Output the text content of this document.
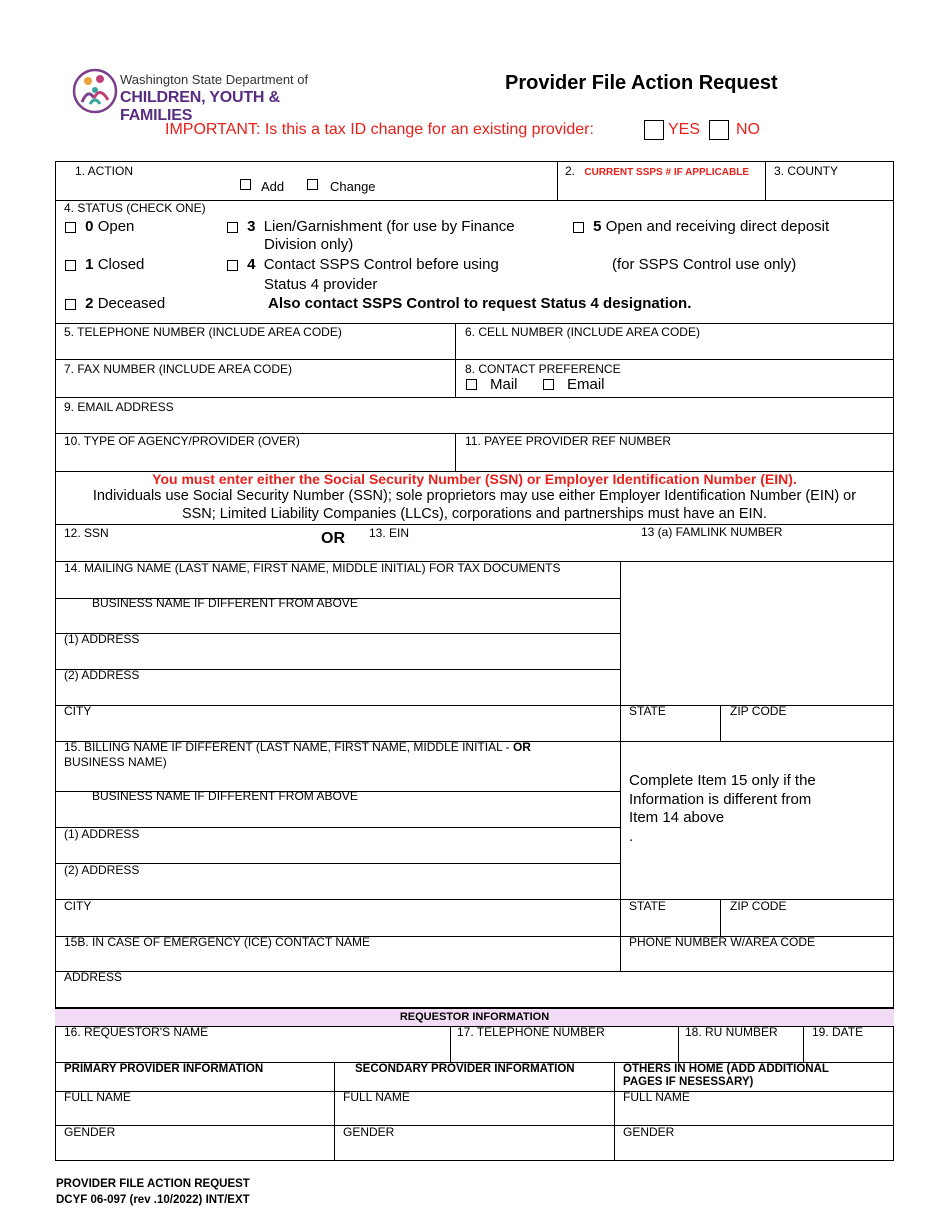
Washington State Department of
CHILDREN, YOUTH & FAMILIES
Provider File Action Request
IMPORTANT: Is this a tax ID change for an existing provider:	YES NO
1. ACTION
Add	Change
2. CURRENT SSPS # IF APPLICABLE 3. COUNTY
4. STATUS (CHECK ONE)
0 Open
1 Closed
2 Deceased
3 Lien/Garnishment (for use by Finance
Division only)
4 Contact SSPS Control before using
Status 4 provider
5 Open and receiving direct deposit
(for SSPS Control use only)
Also contact SSPS Control to request Status 4 designation.
5. TELEPHONE NUMBER (INCLUDE AREA CODE)	6. CELL NUMBER (INCLUDE AREA CODE)
7. FAX NUMBER (INCLUDE AREA CODE)	8. CONTACT PREFERENCE
Mail	Email
9. EMAIL ADDRESS
10. TYPE OF AGENCY/PROVIDER (OVER)	11. PAYEE PROVIDER REF NUMBER
You must enter either the Social Security Number (SSN) or Employer Identification Number (EIN).
Individuals use Social Security Number (SSN); sole proprietors may use either Employer Identification Number (EIN) or
SSN; Limited Liability Companies (LLCs), corporations and partnerships must have an EIN.
12. SSN	OR 13. EIN	13 (a) FAMLINK NUMBER
14. MAILING NAME (LAST NAME, FIRST NAME, MIDDLE INITIAL) FOR TAX DOCUMENTS
BUSINESS NAME IF DIFFERENT FROM ABOVE
(1) ADDRESS
(2) ADDRESS
CITY	STATE	ZIP CODE
15. BILLING NAME IF DIFFERENT (LAST NAME, FIRST NAME, MIDDLE INITIAL - OR
BUSINESS NAME)
BUSINESS NAME IF DIFFERENT FROM ABOVE
(1) ADDRESS
(2) ADDRESS
Complete Item 15 only if the
Information is different from
Item 14 above
.
CITY	STATE	ZIP CODE
15B. IN CASE OF EMERGENCY (ICE) CONTACT NAME	PHONE NUMBER W/AREA CODE
ADDRESS
REQUESTOR INFORMATION
16. REQUESTOR'S NAME	17. TELEPHONE NUMBER	18. RU NUMBER	19. DATE
PRIMARY PROVIDER INFORMATION	SECONDARY PROVIDER INFORMATION	OTHERS IN HOME (ADD ADDITIONAL
PAGES IF NESESSARY)
FULL NAME	FULL NAME	FULL NAME
GENDER	GENDER	GENDER
PROVIDER FILE ACTION REQUEST
DCYF 06-097 (rev .10/2022) INT/EXT
